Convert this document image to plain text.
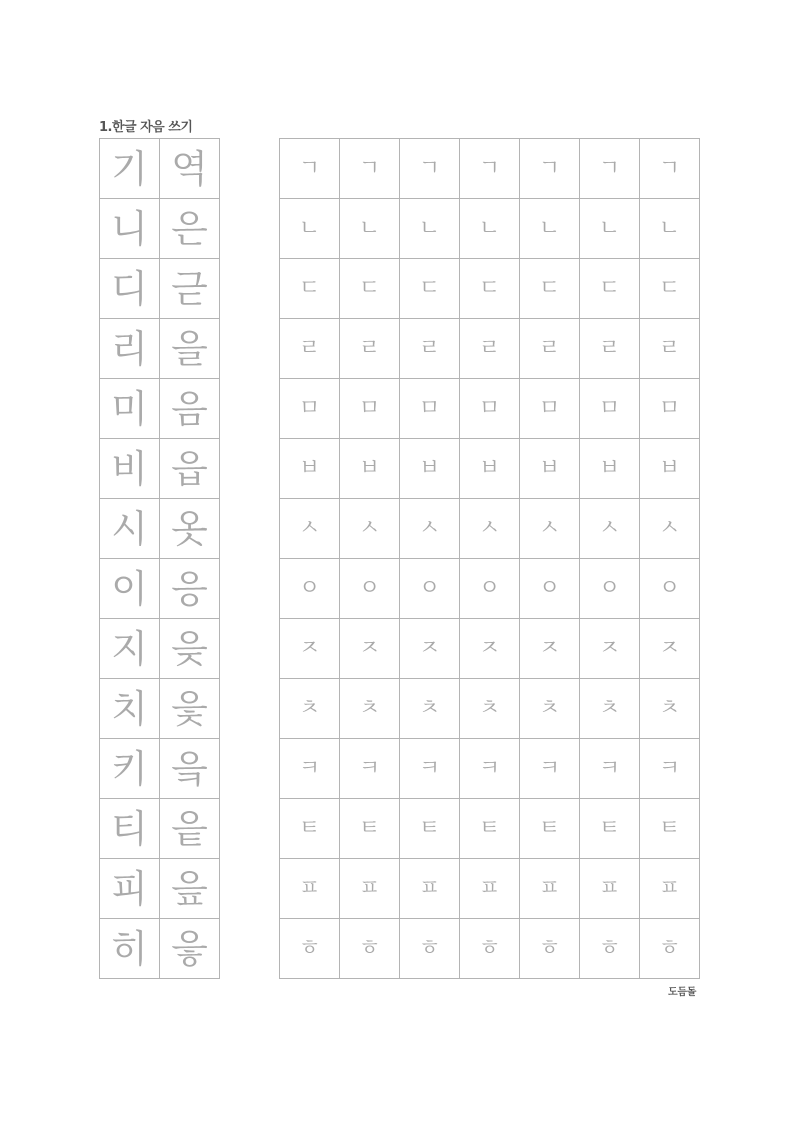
1.한글 자음 쓰기
기	역
니	은
디	귿
리	을
미	음
비	읍
시	옷
이	응
지	읒
치	읓
키	읔
티	읕
피	읖
히	읗
ㄱ	ㄱ	ㄱ	ㄱ	ㄱ	ㄱ	ㄱ
ㄴ	ㄴ	ㄴ	ㄴ	ㄴ	ㄴ	ㄴ
ㄷ	ㄷ	ㄷ	ㄷ	ㄷ	ㄷ	ㄷ
ㄹ	ㄹ	ㄹ	ㄹ	ㄹ	ㄹ	ㄹ
ㅁ	ㅁ	ㅁ	ㅁ	ㅁ	ㅁ	ㅁ
ㅂ	ㅂ	ㅂ	ㅂ	ㅂ	ㅂ	ㅂ
ㅅ	ㅅ	ㅅ	ㅅ	ㅅ	ㅅ	ㅅ
ㅇ	ㅇ	ㅇ	ㅇ	ㅇ	ㅇ	ㅇ
ㅈ	ㅈ	ㅈ	ㅈ	ㅈ	ㅈ	ㅈ
ㅊ	ㅊ	ㅊ	ㅊ	ㅊ	ㅊ	ㅊ
ㅋ	ㅋ	ㅋ	ㅋ	ㅋ	ㅋ	ㅋ
ㅌ	ㅌ	ㅌ	ㅌ	ㅌ	ㅌ	ㅌ
ㅍ	ㅍ	ㅍ	ㅍ	ㅍ	ㅍ	ㅍ
ㅎ	ㅎ	ㅎ	ㅎ	ㅎ	ㅎ	ㅎ
도듬돌
